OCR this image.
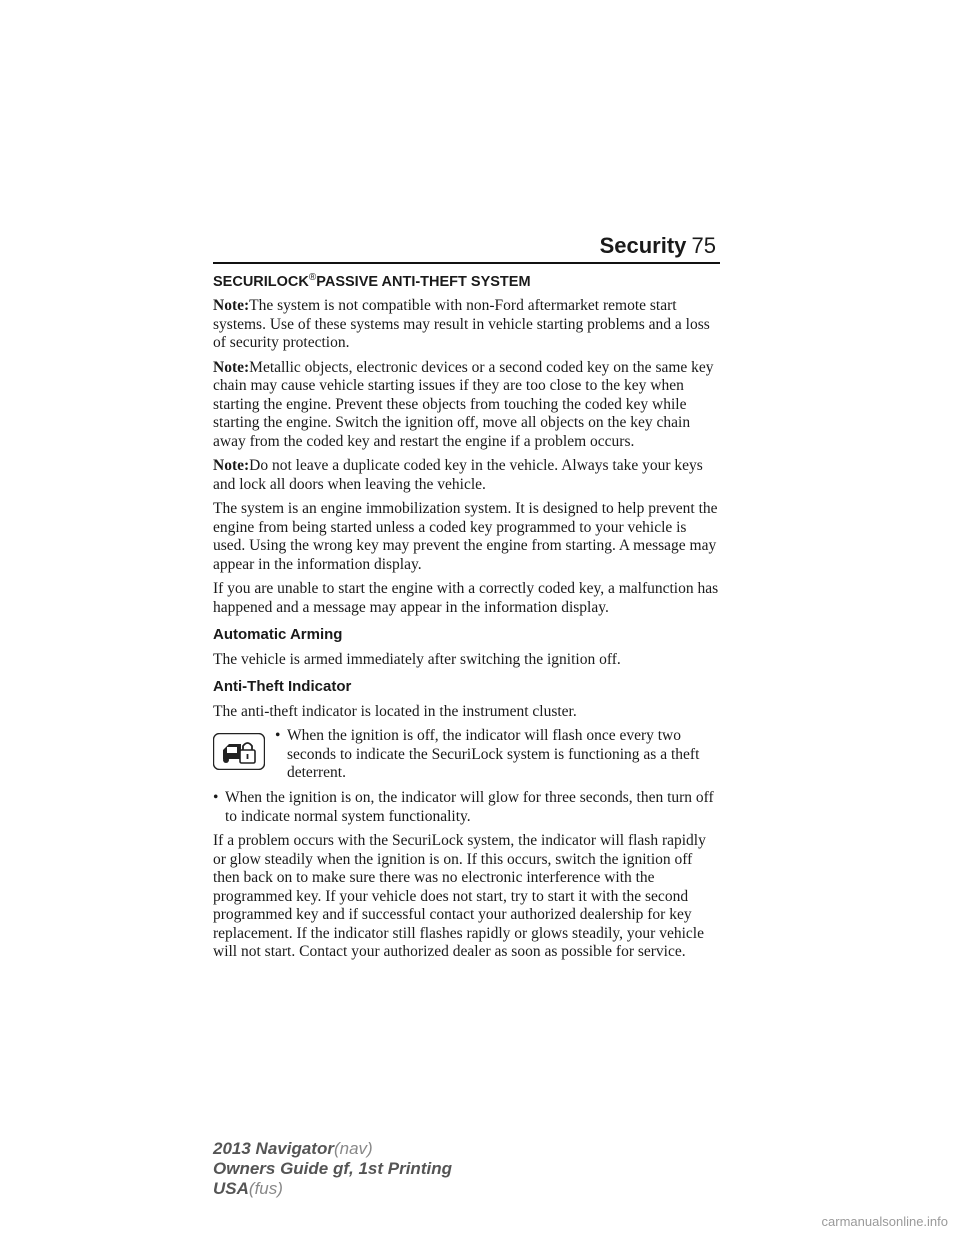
Security 75
SECURILOCK®PASSIVE ANTI-THEFT SYSTEM

Note:The system is not compatible with non-Ford aftermarket remote start systems. Use of these systems may result in vehicle starting problems and a loss of security protection.

Note:Metallic objects, electronic devices or a second coded key on the same key chain may cause vehicle starting issues if they are too close to the key when starting the engine. Prevent these objects from touching the coded key while starting the engine. Switch the ignition off, move all objects on the key chain away from the coded key and restart the engine if a problem occurs.

Note:Do not leave a duplicate coded key in the vehicle. Always take your keys and lock all doors when leaving the vehicle.

The system is an engine immobilization system. It is designed to help prevent the engine from being started unless a coded key programmed to your vehicle is used. Using the wrong key may prevent the engine from starting. A message may appear in the information display.

If you are unable to start the engine with a correctly coded key, a malfunction has happened and a message may appear in the information display.

Automatic Arming

The vehicle is armed immediately after switching the ignition off.

Anti-Theft Indicator

The anti-theft indicator is located in the instrument cluster.

• When the ignition is off, the indicator will flash once every two seconds to indicate the SecuriLock system is functioning as a theft deterrent.

• When the ignition is on, the indicator will glow for three seconds, then turn off to indicate normal system functionality.

If a problem occurs with the SecuriLock system, the indicator will flash rapidly or glow steadily when the ignition is on. If this occurs, switch the ignition off then back on to make sure there was no electronic interference with the programmed key. If your vehicle does not start, try to start it with the second programmed key and if successful contact your authorized dealership for key replacement. If the indicator still flashes rapidly or glows steadily, your vehicle will not start. Contact your authorized dealer as soon as possible for service.

2013 Navigator(nav)
Owners Guide gf, 1st Printing
USA(fus)
carmanualsonline.info
